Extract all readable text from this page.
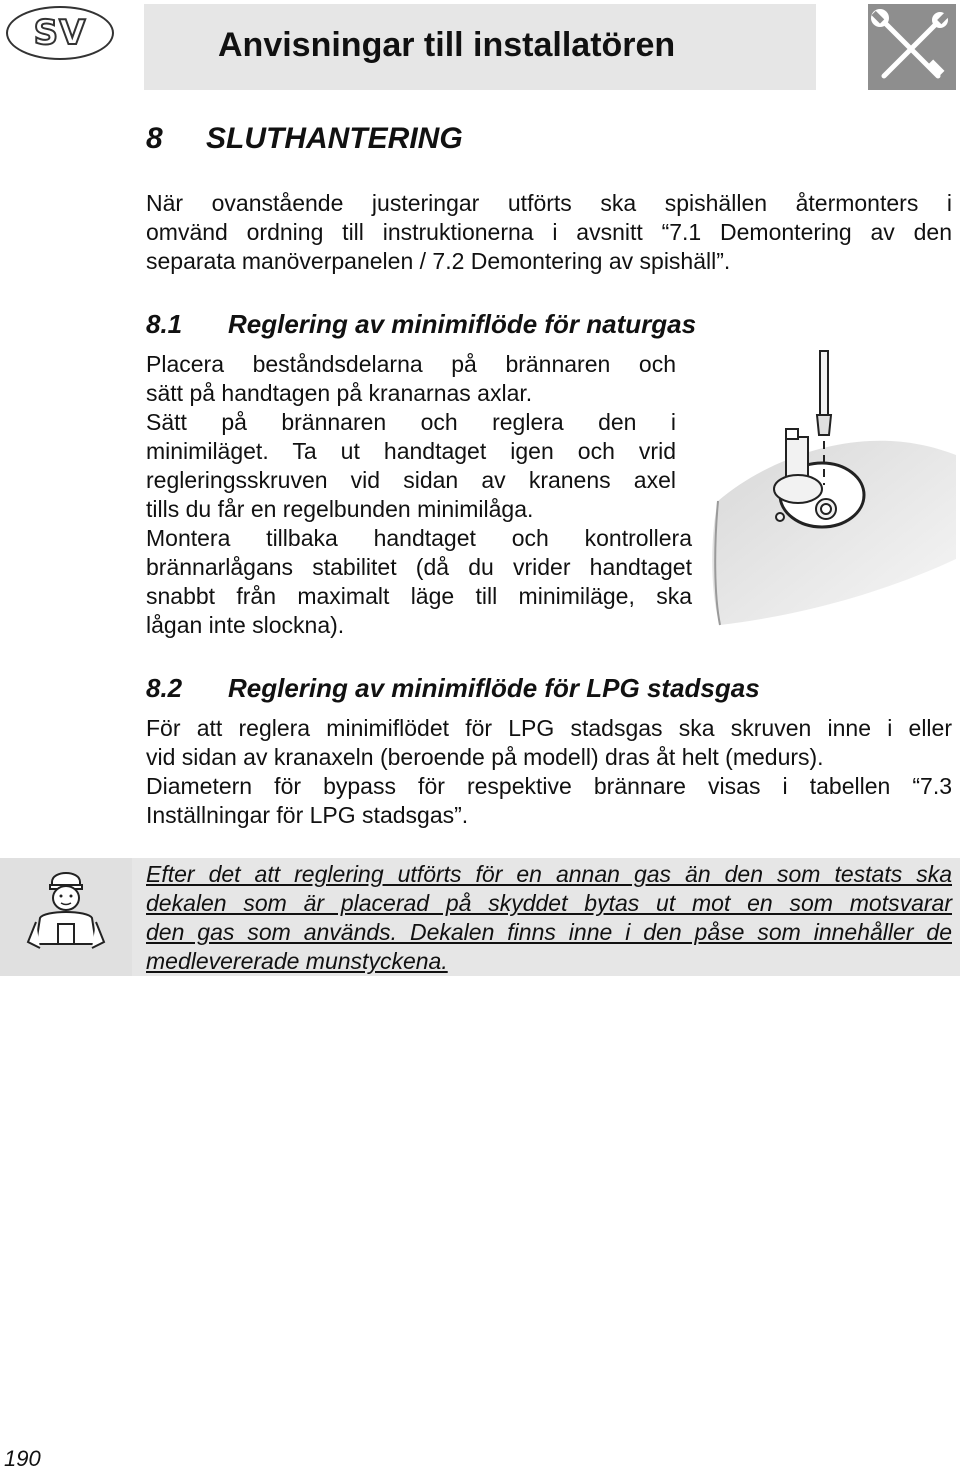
SV	Anvisningar till installatören
8 SLUTHANTERING
När ovanstående justeringar utförts ska spishällen återmonters i
omvänd ordning till instruktionerna i avsnitt “7.1 Demontering av den
separata manöverpanelen / 7.2 Demontering av spishäll”.
8.1 Reglering av minimiflöde för naturgas
Placera beståndsdelarna på brännaren och
sätt på handtagen på kranarnas axlar.
Sätt på brännaren och reglera den i
minimiläget. Ta ut handtaget igen och vrid
regleringsskruven vid sidan av kranens axel
tills du får en regelbunden minimilåga.
Montera tillbaka handtaget och kontrollera
brännarlågans stabilitet (då du vrider handtaget
snabbt från maximalt läge till minimiläge, ska
lågan inte slockna).
8.2 Reglering av minimiflöde för LPG stadsgas
För att reglera minimiflödet för LPG stadsgas ska skruven inne i eller
vid sidan av kranaxeln (beroende på modell) dras åt helt (medurs).
Diametern för bypass för respektive brännare visas i tabellen “7.3
Inställningar för LPG stadsgas”.
Efter det att reglering utförts för en annan gas än den som testats ska
dekalen som är placerad på skyddet bytas ut mot en som motsvarar
den gas som används. Dekalen finns inne i den påse som innehåller de
medlevererade munstyckena.
190
